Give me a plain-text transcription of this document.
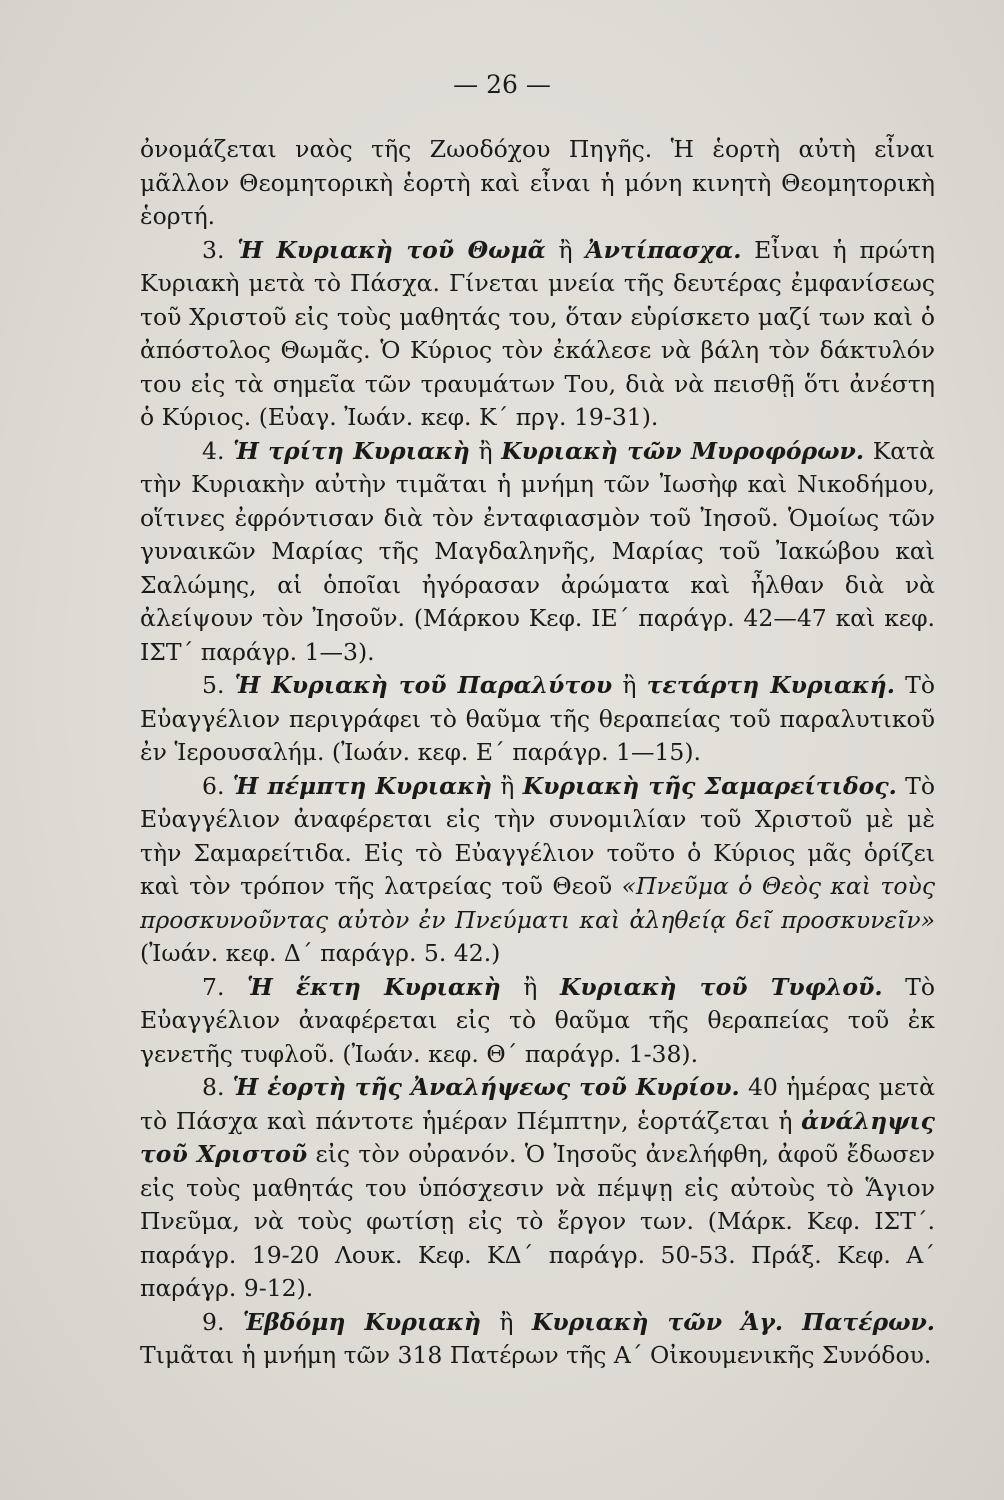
— 26 —

ὀνομάζεται ναὸς τῆς Ζωοδόχου Πηγῆς. Ἡ ἑορτὴ αὐτὴ εἶναι μᾶλλον Θεομητορικὴ ἑορτὴ καὶ εἶναι ἡ μόνη κινητὴ Θεομητορικὴ ἑορτή.

3. Ἡ Κυριακὴ τοῦ Θωμᾶ ἢ Ἀντίπασχα. Εἶναι ἡ πρώτη Κυριακὴ μετὰ τὸ Πάσχα. Γίνεται μνεία τῆς δευτέρας ἐμφανίσεως τοῦ Χριστοῦ εἰς τοὺς μαθητάς του, ὅταν εὑρίσκετο μαζί των καὶ ὁ ἀπόστολος Θωμᾶς. Ὁ Κύριος τὸν ἐκάλεσε νὰ βάλη τὸν δάκτυλόν του εἰς τὰ σημεῖα τῶν τραυμάτων Του, διὰ νὰ πεισθῇ ὅτι ἀνέστη ὁ Κύριος. (Εὐαγ. Ἰωάν. κεφ. Κ΄ πργ. 19-31).

4. Ἡ τρίτη Κυριακὴ ἢ Κυριακὴ τῶν Μυροφόρων. Κατὰ τὴν Κυριακὴν αὐτὴν τιμᾶται ἡ μνήμη τῶν Ἰωσὴφ καὶ Νικοδήμου, οἵτινες ἐφρόντισαν διὰ τὸν ἐνταφιασμὸν τοῦ Ἰησοῦ. Ὁμοίως τῶν γυναικῶν Μαρίας τῆς Μαγδαληνῆς, Μαρίας τοῦ Ἰακώβου καὶ Σαλώμης, αἱ ὁποῖαι ἠγόρασαν ἀρώματα καὶ ἦλθαν διὰ νὰ ἀλείψουν τὸν Ἰησοῦν. (Μάρκου Κεφ. ΙΕ΄ παράγρ. 42—47 καὶ κεφ. ΙΣΤ΄ παράγρ. 1—3).

5. Ἡ Κυριακὴ τοῦ Παραλύτου ἢ τετάρτη Κυριακή. Τὸ Εὐαγγέλιον περιγράφει τὸ θαῦμα τῆς θεραπείας τοῦ παραλυτικοῦ ἐν Ἱερουσαλήμ. (Ἰωάν. κεφ. Ε΄ παράγρ. 1—15).

6. Ἡ πέμπτη Κυριακὴ ἢ Κυριακὴ τῆς Σαμαρείτιδος. Τὸ Εὐαγγέλιον ἀναφέρεται εἰς τὴν συνομιλίαν τοῦ Χριστοῦ μὲ μὲ τὴν Σαμαρείτιδα. Εἰς τὸ Εὐαγγέλιον τοῦτο ὁ Κύριος μᾶς ὁρίζει καὶ τὸν τρόπον τῆς λατρείας τοῦ Θεοῦ «Πνεῦμα ὁ Θεὸς καὶ τοὺς προσκυνοῦντας αὐτὸν ἐν Πνεύματι καὶ ἀληθείᾳ δεῖ προσκυνεῖν» (Ἰωάν. κεφ. Δ΄ παράγρ. 5. 42.)

7. Ἡ ἕκτη Κυριακὴ ἢ Κυριακὴ τοῦ Τυφλοῦ. Τὸ Εὐαγγέλιον ἀναφέρεται εἰς τὸ θαῦμα τῆς θεραπείας τοῦ ἐκ γενετῆς τυφλοῦ. (Ἰωάν. κεφ. Θ΄ παράγρ. 1-38).

8. Ἡ ἑορτὴ τῆς Ἀναλήψεως τοῦ Κυρίου. 40 ἡμέρας μετὰ τὸ Πάσχα καὶ πάντοτε ἡμέραν Πέμπτην, ἑορτάζεται ἡ ἀνάληψις τοῦ Χριστοῦ εἰς τὸν οὐρανόν. Ὁ Ἰησοῦς ἀνελήφθη, ἀφοῦ ἔδωσεν εἰς τοὺς μαθητάς του ὑπόσχεσιν νὰ πέμψῃ εἰς αὐτοὺς τὸ Ἅγιον Πνεῦμα, νὰ τοὺς φωτίσῃ εἰς τὸ ἔργον των. (Μάρκ. Κεφ. ΙΣΤ΄. παράγρ. 19-20 Λουκ. Κεφ. ΚΔ΄ παράγρ. 50-53. Πράξ. Κεφ. Α΄ παράγρ. 9-12).

9. Ἑβδόμη Κυριακὴ ἢ Κυριακὴ τῶν Ἁγ. Πατέρων. Τιμᾶται ἡ μνήμη τῶν 318 Πατέρων τῆς Α΄ Οἰκουμενικῆς Συνόδου.
